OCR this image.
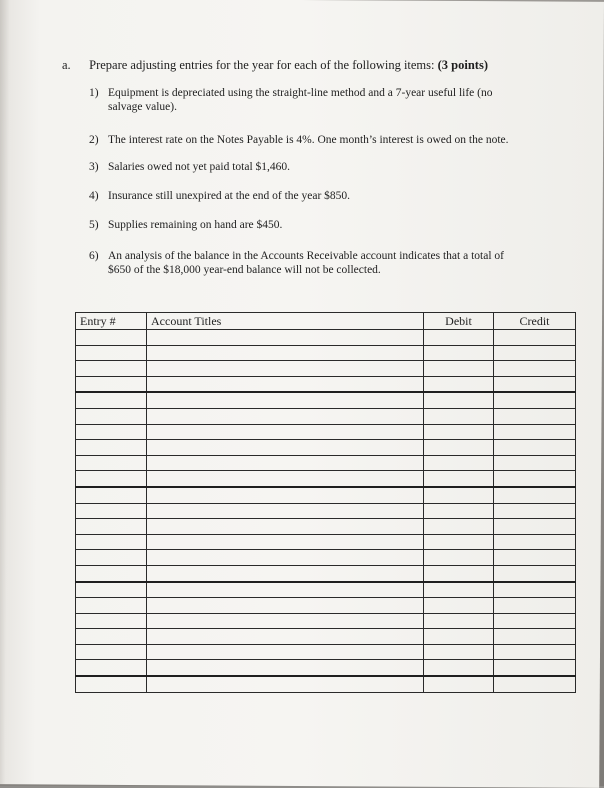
a. Prepare adjusting entries for the year for each of the following items: (3 points)
1) Equipment is depreciated using the straight-line method and a 7-year useful life (no
salvage value).
2) The interest rate on the Notes Payable is 4%. One month’s interest is owed on the note.
3) Salaries owed not yet paid total $1,460.
4) Insurance still unexpired at the end of the year $850.
5) Supplies remaining on hand are $450.
6) An analysis of the balance in the Accounts Receivable account indicates that a total of
$650 of the $18,000 year-end balance will not be collected.
Entry #	Account Titles	Debit	Credit
